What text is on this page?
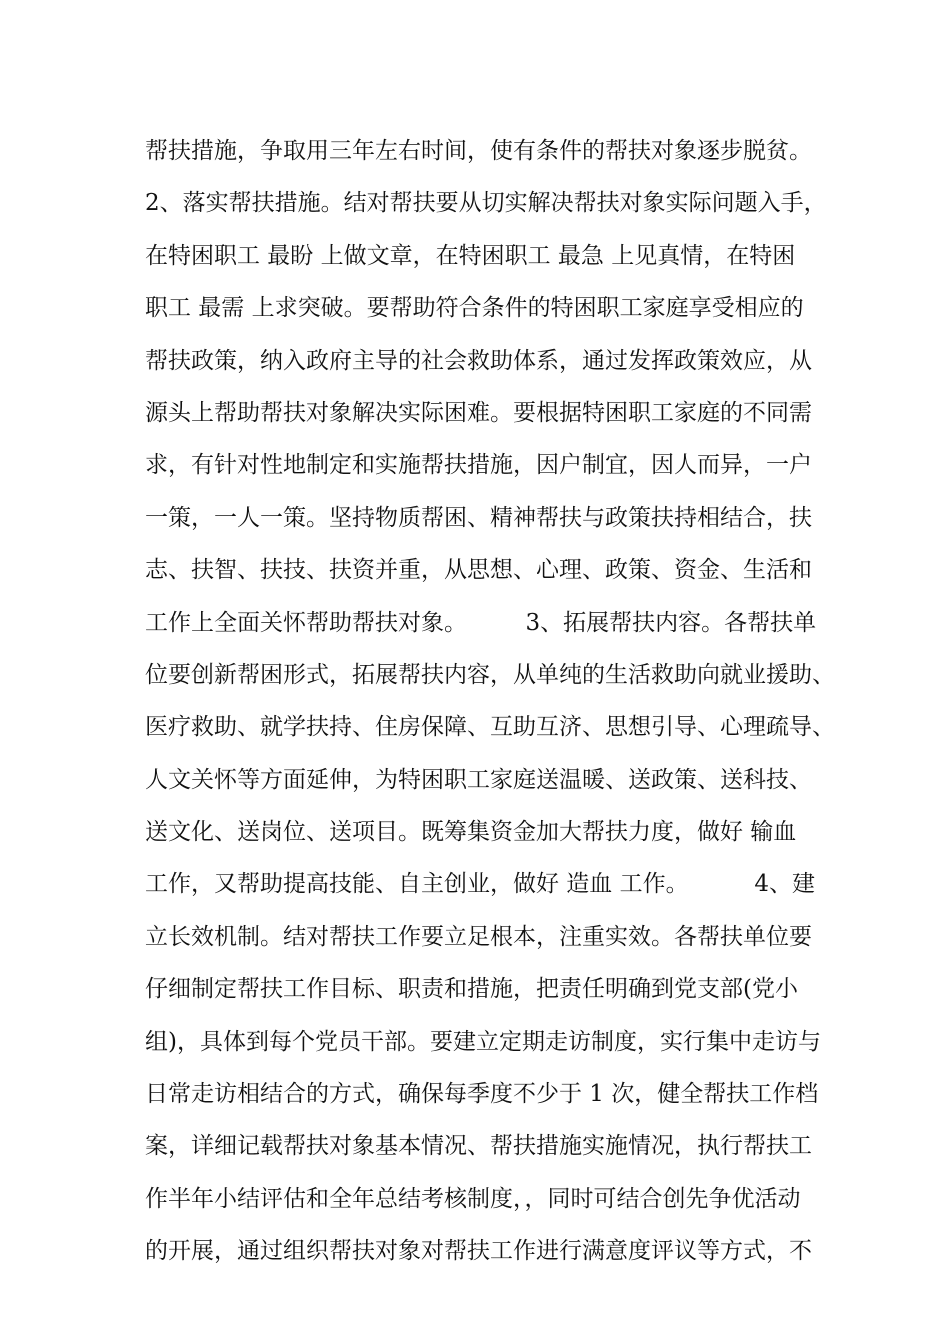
帮扶措施，争取用三年左右时间，使有条件的帮扶对象逐步脱贫。
2、落实帮扶措施。结对帮扶要从切实解决帮扶对象实际问题入手，
在特困职工 最盼 上做文章，在特困职工 最急 上见真情，在特困
职工 最需 上求突破。要帮助符合条件的特困职工家庭享受相应的
帮扶政策，纳入政府主导的社会救助体系，通过发挥政策效应，从
源头上帮助帮扶对象解决实际困难。要根据特困职工家庭的不同需
求，有针对性地制定和实施帮扶措施，因户制宜，因人而异，一户
一策，一人一策。坚持物质帮困、精神帮扶与政策扶持相结合，扶
志、扶智、扶技、扶资并重，从思想、心理、政策、资金、生活和
工作上全面关怀帮助帮扶对象。        3、拓展帮扶内容。各帮扶单
位要创新帮困形式，拓展帮扶内容，从单纯的生活救助向就业援助、
医疗救助、就学扶持、住房保障、互助互济、思想引导、心理疏导、
人文关怀等方面延伸，为特困职工家庭送温暖、送政策、送科技、
送文化、送岗位、送项目。既筹集资金加大帮扶力度，做好 输血
工作，又帮助提高技能、自主创业，做好 造血 工作。         4、建
立长效机制。结对帮扶工作要立足根本，注重实效。各帮扶单位要
仔细制定帮扶工作目标、职责和措施，把责任明确到党支部(党小
组)，具体到每个党员干部。要建立定期走访制度，实行集中走访与
日常走访相结合的方式，确保每季度不少于 1 次，健全帮扶工作档
案，详细记载帮扶对象基本情况、帮扶措施实施情况，执行帮扶工
作半年小结评估和全年总结考核制度，，同时可结合创先争优活动
的开展，通过组织帮扶对象对帮扶工作进行满意度评议等方式，不
